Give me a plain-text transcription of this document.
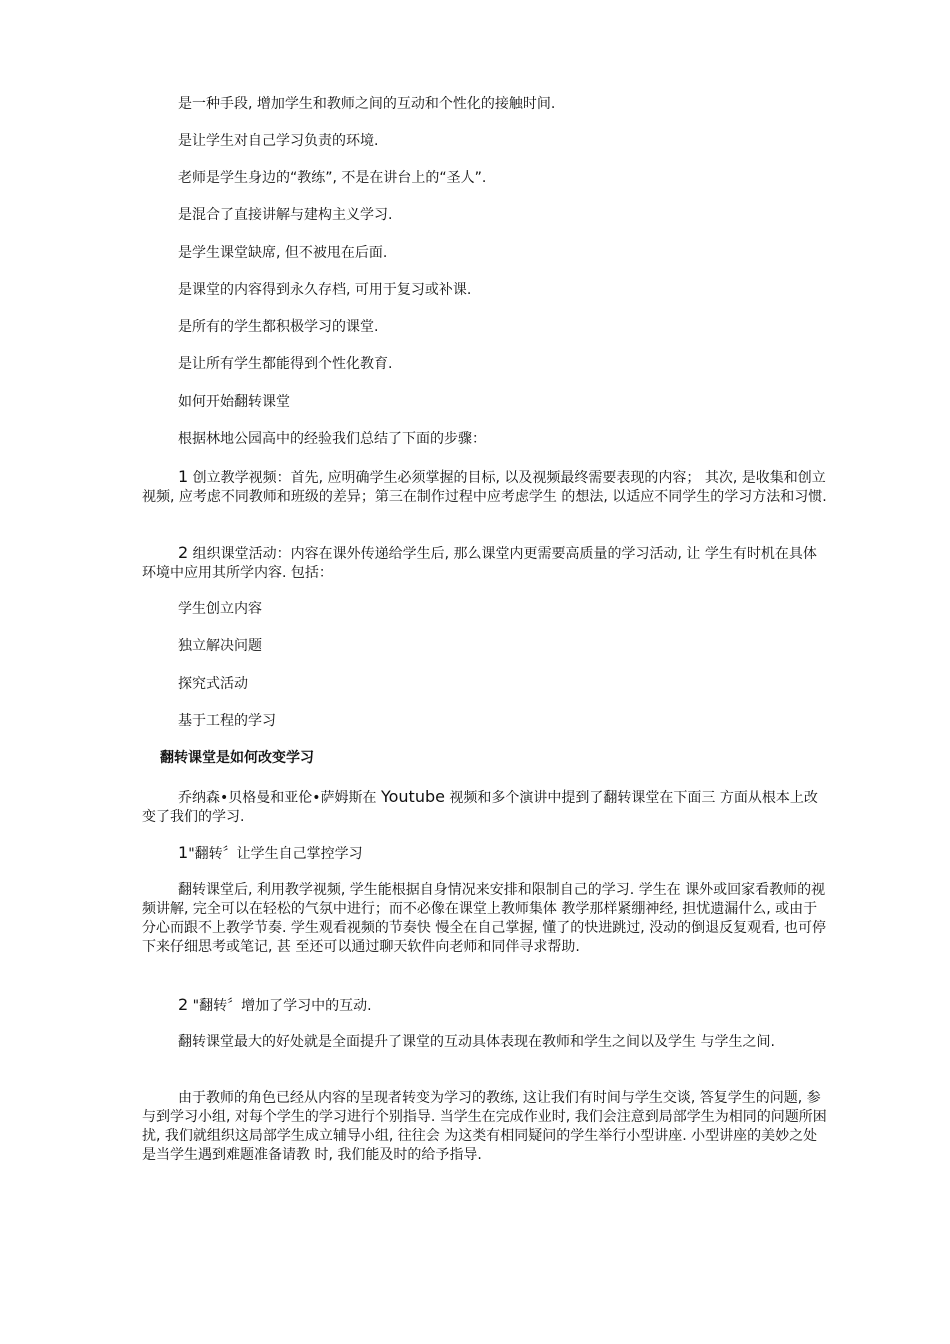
是一种手段, 增加学生和教师之间的互动和个性化的接触时间.

是让学生对自己学习负责的环境.

老师是学生身边的“教练”, 不是在讲台上的“圣人”.

是混合了直接讲解与建构主义学习.

是学生课堂缺席, 但不被甩在后面.

是课堂的内容得到永久存档, 可用于复习或补课.

是所有的学生都积极学习的课堂.

是让所有学生都能得到个性化教育.

如何开始翻转课堂

根据林地公园高中的经验我们总结了下面的步骤：

1 创立教学视频：首先, 应明确学生必须掌握的目标, 以及视频最终需要表现的内容； 其次, 是收集和创立视频, 应考虑不同教师和班级的差异；第三在制作过程中应考虑学生 的想法, 以适应不同学生的学习方法和习惯.

2 组织课堂活动：内容在课外传递给学生后, 那么课堂内更需要高质量的学习活动, 让 学生有时机在具体环境中应用其所学内容. 包括：

学生创立内容

独立解决问题

探究式活动

基于工程的学习

翻转课堂是如何改变学习

乔纳森•贝格曼和亚伦•萨姆斯在 Youtube 视频和多个演讲中提到了翻转课堂在下面三 方面从根本上改变了我们的学习.

1"翻转〞让学生自己掌控学习

翻转课堂后, 利用教学视频, 学生能根据自身情况来安排和限制自己的学习. 学生在 课外或回家看教师的视频讲解, 完全可以在轻松的气氛中进行；而不必像在课堂上教师集体 教学那样紧绷神经, 担忧遗漏什么, 或由于分心而跟不上教学节奏. 学生观看视频的节奏快 慢全在自己掌握, 懂了的快进跳过, 没动的倒退反复观看, 也可停下来仔细思考或笔记, 甚 至还可以通过聊天软件向老师和同伴寻求帮助.

2 "翻转〞增加了学习中的互动.

翻转课堂最大的好处就是全面提升了课堂的互动具体表现在教师和学生之间以及学生 与学生之间.

由于教师的角色已经从内容的呈现者转变为学习的教练, 这让我们有时间与学生交谈, 答复学生的问题, 参与到学习小组, 对每个学生的学习进行个别指导. 当学生在完成作业时, 我们会注意到局部学生为相同的问题所困扰, 我们就组织这局部学生成立辅导小组, 往往会 为这类有相同疑问的学生举行小型讲座. 小型讲座的美妙之处是当学生遇到难题准备请教 时, 我们能及时的给予指导.
